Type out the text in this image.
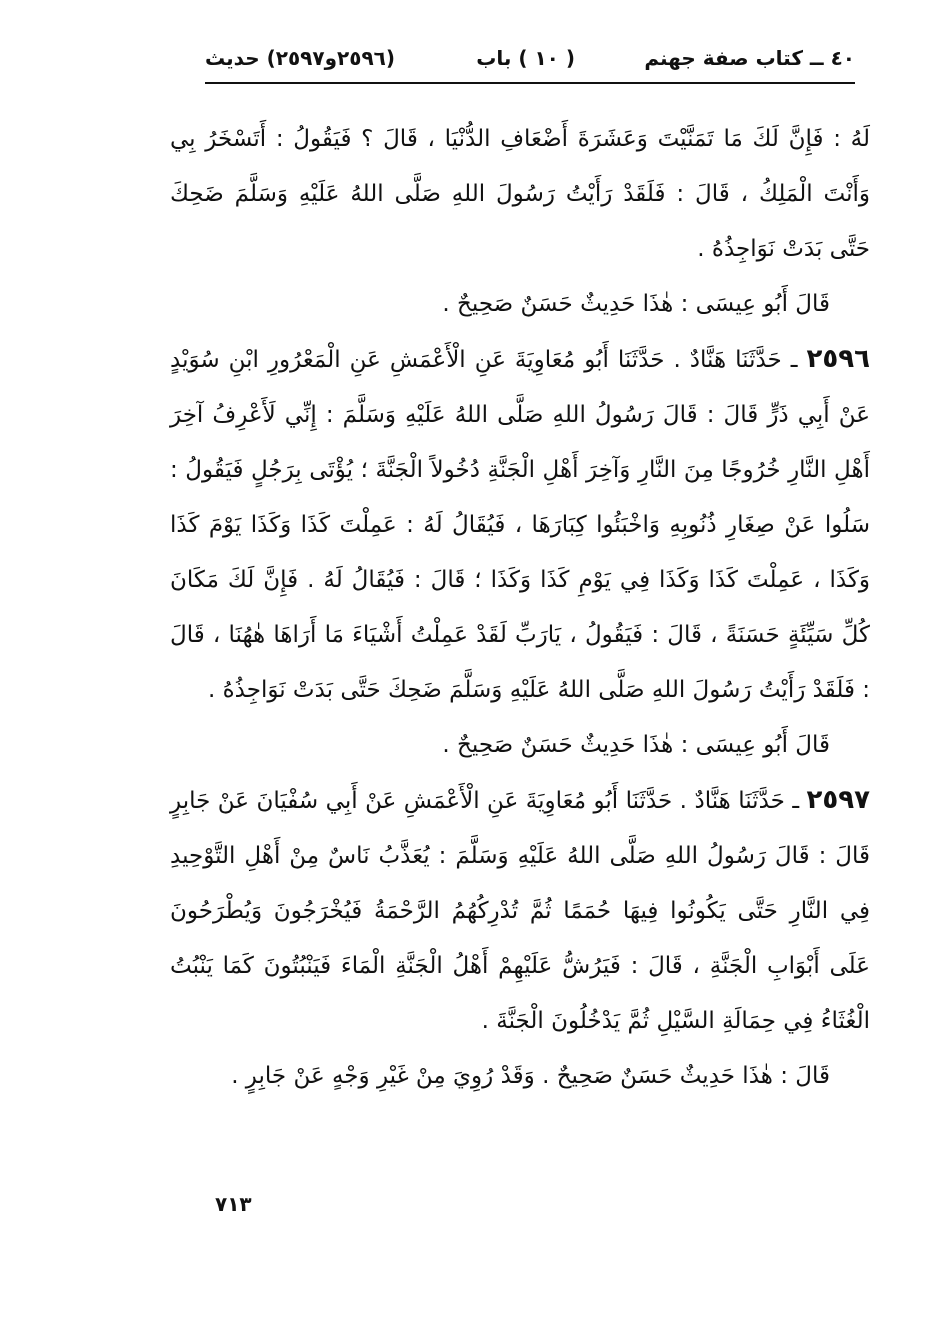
٤٠ ــ كتاب صفة جهنم
( ١٠ ) باب
(٢٥٩٦و٢٥٩٧) حديث

لَهُ : فَإِنَّ لَكَ مَا تَمَنَّيْتَ وَعَشَرَةَ أَضْعَافِ الدُّنْيَا ، قَالَ ؟ فَيَقُولُ : أَتَسْخَرُ بِي وَأَنْتَ الْمَلِكُ ، قَالَ : فَلَقَدْ رَأَيْتُ رَسُولَ اللهِ صَلَّى اللهُ عَلَيْهِ وَسَلَّمَ ضَحِكَ حَتَّى بَدَتْ نَوَاجِذُهُ .

قَالَ أَبُو عِيسَى : هٰذَا حَدِيثٌ حَسَنٌ صَحِيحٌ .

٢٥٩٦ ـ حَدَّثَنَا هَنَّادٌ . حَدَّثَنَا أَبُو مُعَاوِيَةَ عَنِ الْأَعْمَشِ عَنِ الْمَعْرُورِ ابْنِ سُوَيْدٍ عَنْ أَبِي ذَرٍّ قَالَ : قَالَ رَسُولُ اللهِ صَلَّى اللهُ عَلَيْهِ وَسَلَّمَ : إِنِّي لَأَعْرِفُ آخِرَ أَهْلِ النَّارِ خُرُوجًا مِنَ النَّارِ وَآخِرَ أَهْلِ الْجَنَّةِ دُخُولاً الْجَنَّةَ ؛ يُؤْتَى بِرَجُلٍ فَيَقُولُ : سَلُوا عَنْ صِغَارِ ذُنُوبِهِ وَاخْبَئُوا كِبَارَهَا ، فَيُقَالُ لَهُ : عَمِلْتَ كَذَا وَكَذَا يَوْمَ كَذَا وَكَذَا ، عَمِلْتَ كَذَا وَكَذَا فِي يَوْمِ كَذَا وَكَذَا ؛ قَالَ : فَيُقَالُ لَهُ . فَإِنَّ لَكَ مَكَانَ كُلِّ سَيِّئَةٍ حَسَنَةً ، قَالَ : فَيَقُولُ ، يَارَبِّ لَقَدْ عَمِلْتُ أَشْيَاءَ مَا أَرَاهَا هٰهُنَا ، قَالَ : فَلَقَدْ رَأَيْتُ رَسُولَ اللهِ صَلَّى اللهُ عَلَيْهِ وَسَلَّمَ ضَحِكَ حَتَّى بَدَتْ نَوَاجِذُهُ .

قَالَ أَبُو عِيسَى : هٰذَا حَدِيثٌ حَسَنٌ صَحِيحٌ .

٢٥٩٧ ـ حَدَّثَنَا هَنَّادٌ . حَدَّثَنَا أَبُو مُعَاوِيَةَ عَنِ الْأَعْمَشِ عَنْ أَبِي سُفْيَانَ عَنْ جَابِرٍ قَالَ : قَالَ رَسُولُ اللهِ صَلَّى اللهُ عَلَيْهِ وَسَلَّمَ : يُعَذَّبُ نَاسٌ مِنْ أَهْلِ التَّوْحِيدِ فِي النَّارِ حَتَّى يَكُونُوا فِيهَا حُمَمًا ثُمَّ تُدْرِكُهُمُ الرَّحْمَةُ فَيُخْرَجُونَ وَيُطْرَحُونَ عَلَى أَبْوَابِ الْجَنَّةِ ، قَالَ : فَيَرُشُّ عَلَيْهِمْ أَهْلُ الْجَنَّةِ الْمَاءَ فَيَنْبُتُونَ كَمَا يَنْبُتُ الْغُثَاءُ فِي حِمَالَةِ السَّيْلِ ثُمَّ يَدْخُلُونَ الْجَنَّةَ .

قَالَ : هٰذَا حَدِيثٌ حَسَنٌ صَحِيحٌ . وَقَدْ رُوِيَ مِنْ غَيْرِ وَجْهٍ عَنْ جَابِرٍ .

٧١٣
